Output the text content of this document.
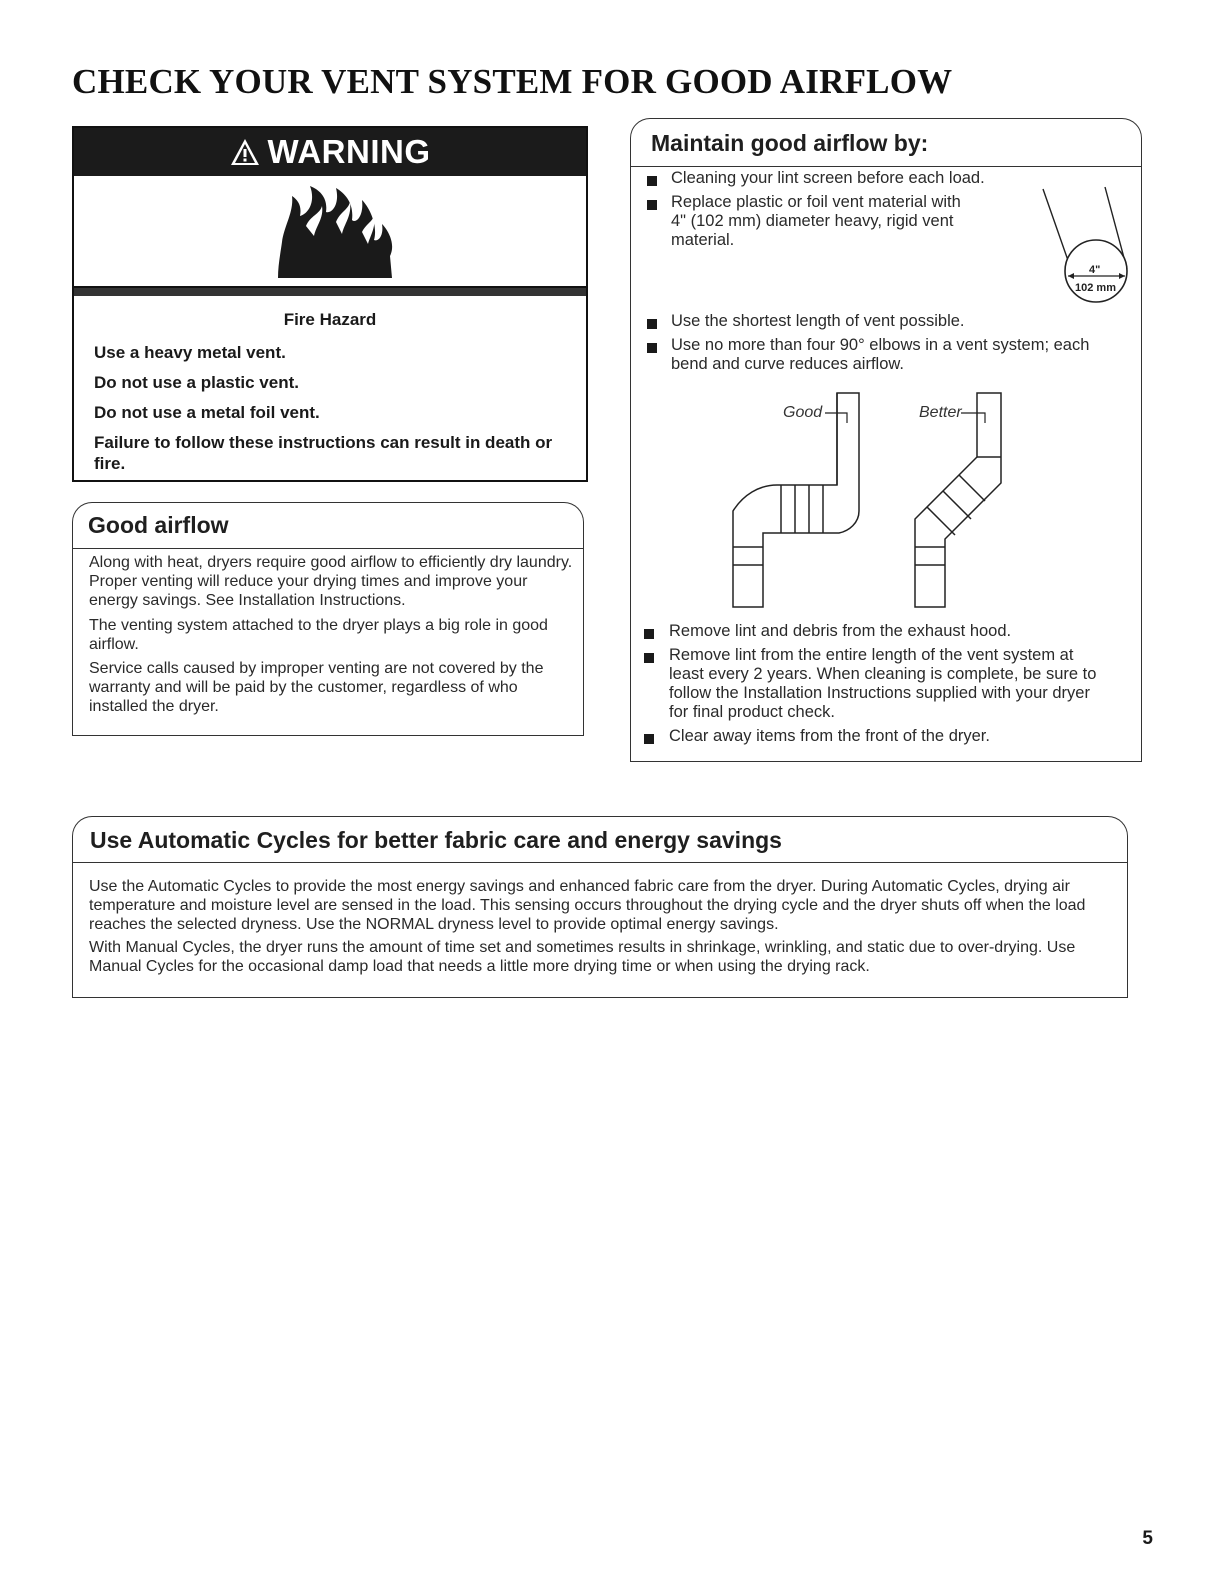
CHECK YOUR VENT SYSTEM FOR GOOD AIRFLOW
WARNING
Fire Hazard
Use a heavy metal vent.
Do not use a plastic vent.
Do not use a metal foil vent.
Failure to follow these instructions can result in death or fire.
Good airflow
Along with heat, dryers require good airflow to efficiently dry laundry. Proper venting will reduce your drying times and improve your energy savings. See Installation Instructions.
The venting system attached to the dryer plays a big role in good airflow.
Service calls caused by improper venting are not covered by the warranty and will be paid by the customer, regardless of who installed the dryer.
Maintain good airflow by:
Cleaning your lint screen before each load.
Replace plastic or foil vent material with 4" (102 mm) diameter heavy, rigid vent material.
Use the shortest length of vent possible.
Use no more than four 90° elbows in a vent system; each bend and curve reduces airflow.
Remove lint and debris from the exhaust hood.
Remove lint from the entire length of the vent system at least every 2 years. When cleaning is complete, be sure to follow the Installation Instructions supplied with your dryer for final product check.
Clear away items from the front of the dryer.
4"
102 mm
Good	Better
Use Automatic Cycles for better fabric care and energy savings
Use the Automatic Cycles to provide the most energy savings and enhanced fabric care from the dryer. During Automatic Cycles, drying air temperature and moisture level are sensed in the load. This sensing occurs throughout the drying cycle and the dryer shuts off when the load reaches the selected dryness. Use the NORMAL dryness level to provide optimal energy savings.
With Manual Cycles, the dryer runs the amount of time set and sometimes results in shrinkage, wrinkling, and static due to over-drying. Use Manual Cycles for the occasional damp load that needs a little more drying time or when using the drying rack.
5
